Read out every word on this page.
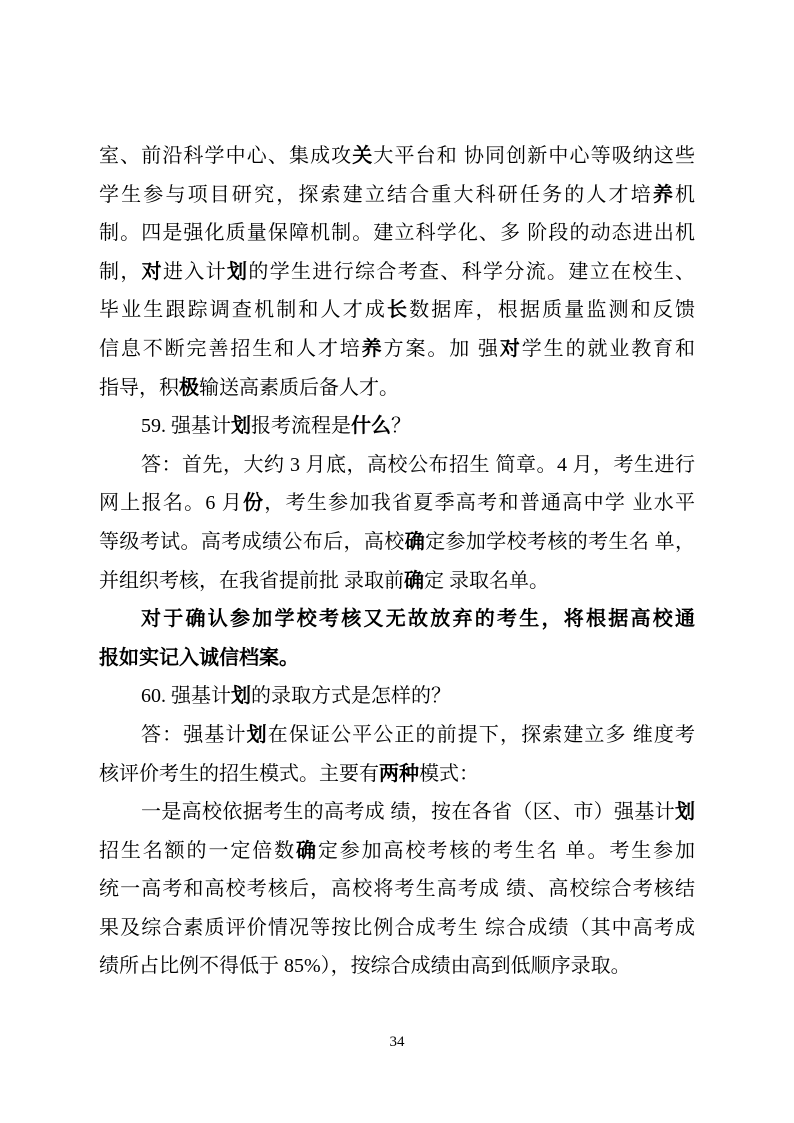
室、前沿科学中心、集成攻关大平台和 协同创新中心等吸纳这些
学生参与项目研究，探索建立结合重大科研任务的人才培养机
制。四是强化质量保障机制。建立科学化、多 阶段的动态进出机
制，对进入计划的学生进行综合考查、科学分流。建立在校生、
毕业生跟踪调查机制和人才成长数据库，根据质量监测和反馈
信息不断完善招生和人才培养方案。加 强对学生的就业教育和
指导，积极输送高素质后备人才。
59. 强基计划报考流程是什么？
答：首先，大约 3 月底，高校公布招生 简章。4 月，考生进行
网上报名。6 月份，考生参加我省夏季高考和普通高中学 业水平
等级考试。高考成绩公布后，高校确定参加学校考核的考生名 单，
并组织考核，在我省提前批 录取前确定 录取名单。
对于确认参加学校考核又无故放弃的考生，将根据高校通
报如实记入诚信档案。
60. 强基计划的录取方式是怎样的？
答：强基计划在保证公平公正的前提下，探索建立多 维度考
核评价考生的招生模式。主要有两种模式：
一是高校依据考生的高考成 绩，按在各省（区、市）强基计划
招生名额的一定倍数确定参加高校考核的考生名 单。考生参加
统一高考和高校考核后，高校将考生高考成 绩、高校综合考核结
果及综合素质评价情况等按比例合成考生 综合成绩（其中高考成
绩所占比例不得低于 85%），按综合成绩由高到低顺序录取。
34
